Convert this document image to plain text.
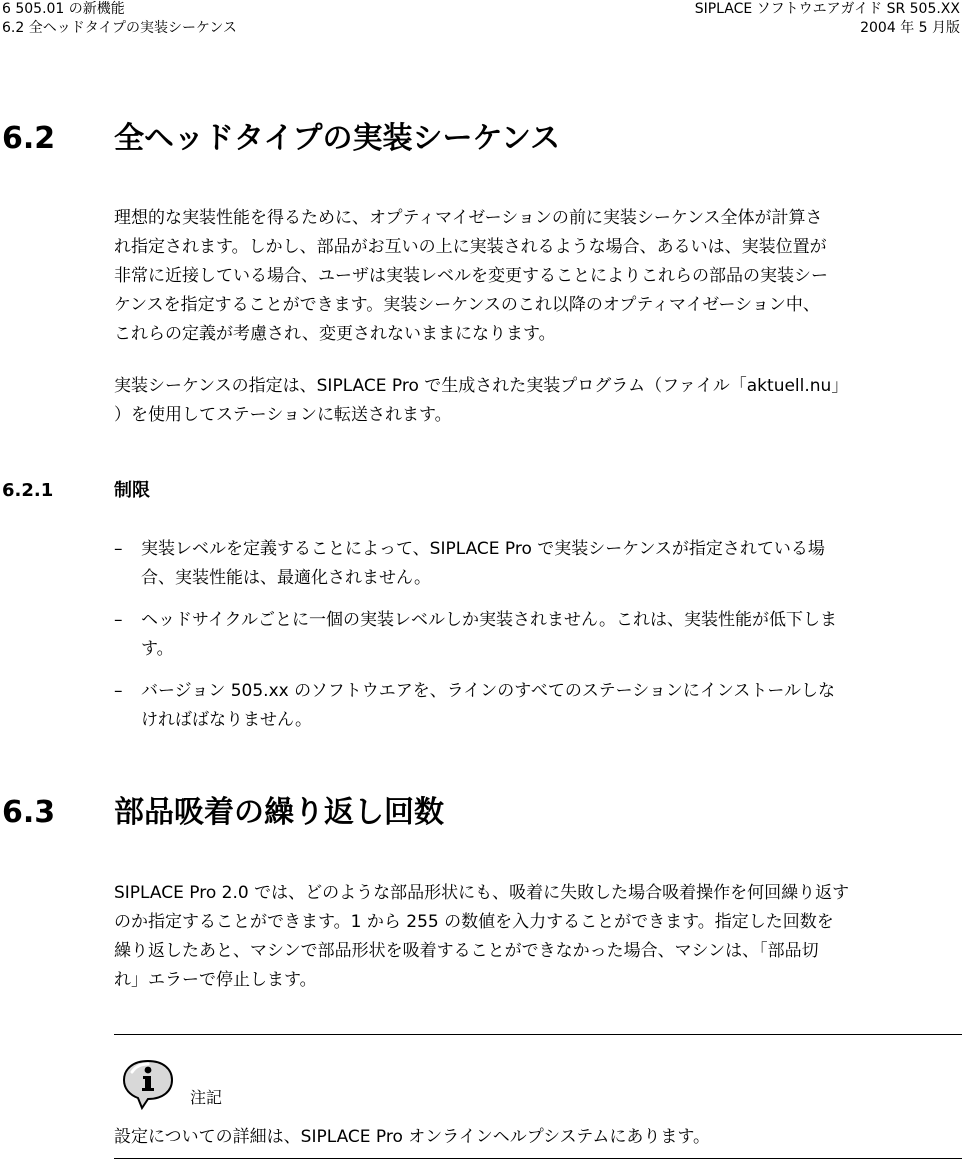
6 505.01 の新機能
6.2 全ヘッドタイプの実装シーケンス
SIPLACE ソフトウエアガイド SR 505.XX
2004 年 5 月版
6.2 全ヘッドタイプの実装シーケンス
理想的な実装性能を得るために、オプティマイゼーションの前に実装シーケンス全体が計算さ
れ指定されます。しかし、部品がお互いの上に実装されるような場合、あるいは、実装位置が
非常に近接している場合、ユーザは実装レベルを変更することによりこれらの部品の実装シー
ケンスを指定することができます。実装シーケンスのこれ以降のオプティマイゼーション中、
これらの定義が考慮され、変更されないままになります。
実装シーケンスの指定は、SIPLACE Pro で生成された実装プログラム（ファイル「aktuell.nu」
）を使用してステーションに転送されます。
6.2.1	制限
– 実装レベルを定義することによって、SIPLACE Pro で実装シーケンスが指定されている場
合、実装性能は、最適化されません。
– ヘッドサイクルごとに一個の実装レベルしか実装されません。これは、実装性能が低下しま
す。
– バージョン 505.xx のソフトウエアを、ラインのすべてのステーションにインストールしな
ければばなりません。
6.3 部品吸着の繰り返し回数
SIPLACE Pro 2.0 では、どのような部品形状にも、吸着に失敗した場合吸着操作を何回繰り返す
のか指定することができます。1 から 255 の数値を入力することができます。指定した回数を
繰り返したあと、マシンで部品形状を吸着することができなかった場合、マシンは、「部品切
れ」エラーで停止します。
注記
設定についての詳細は、SIPLACE Pro オンラインヘルプシステムにあります。
